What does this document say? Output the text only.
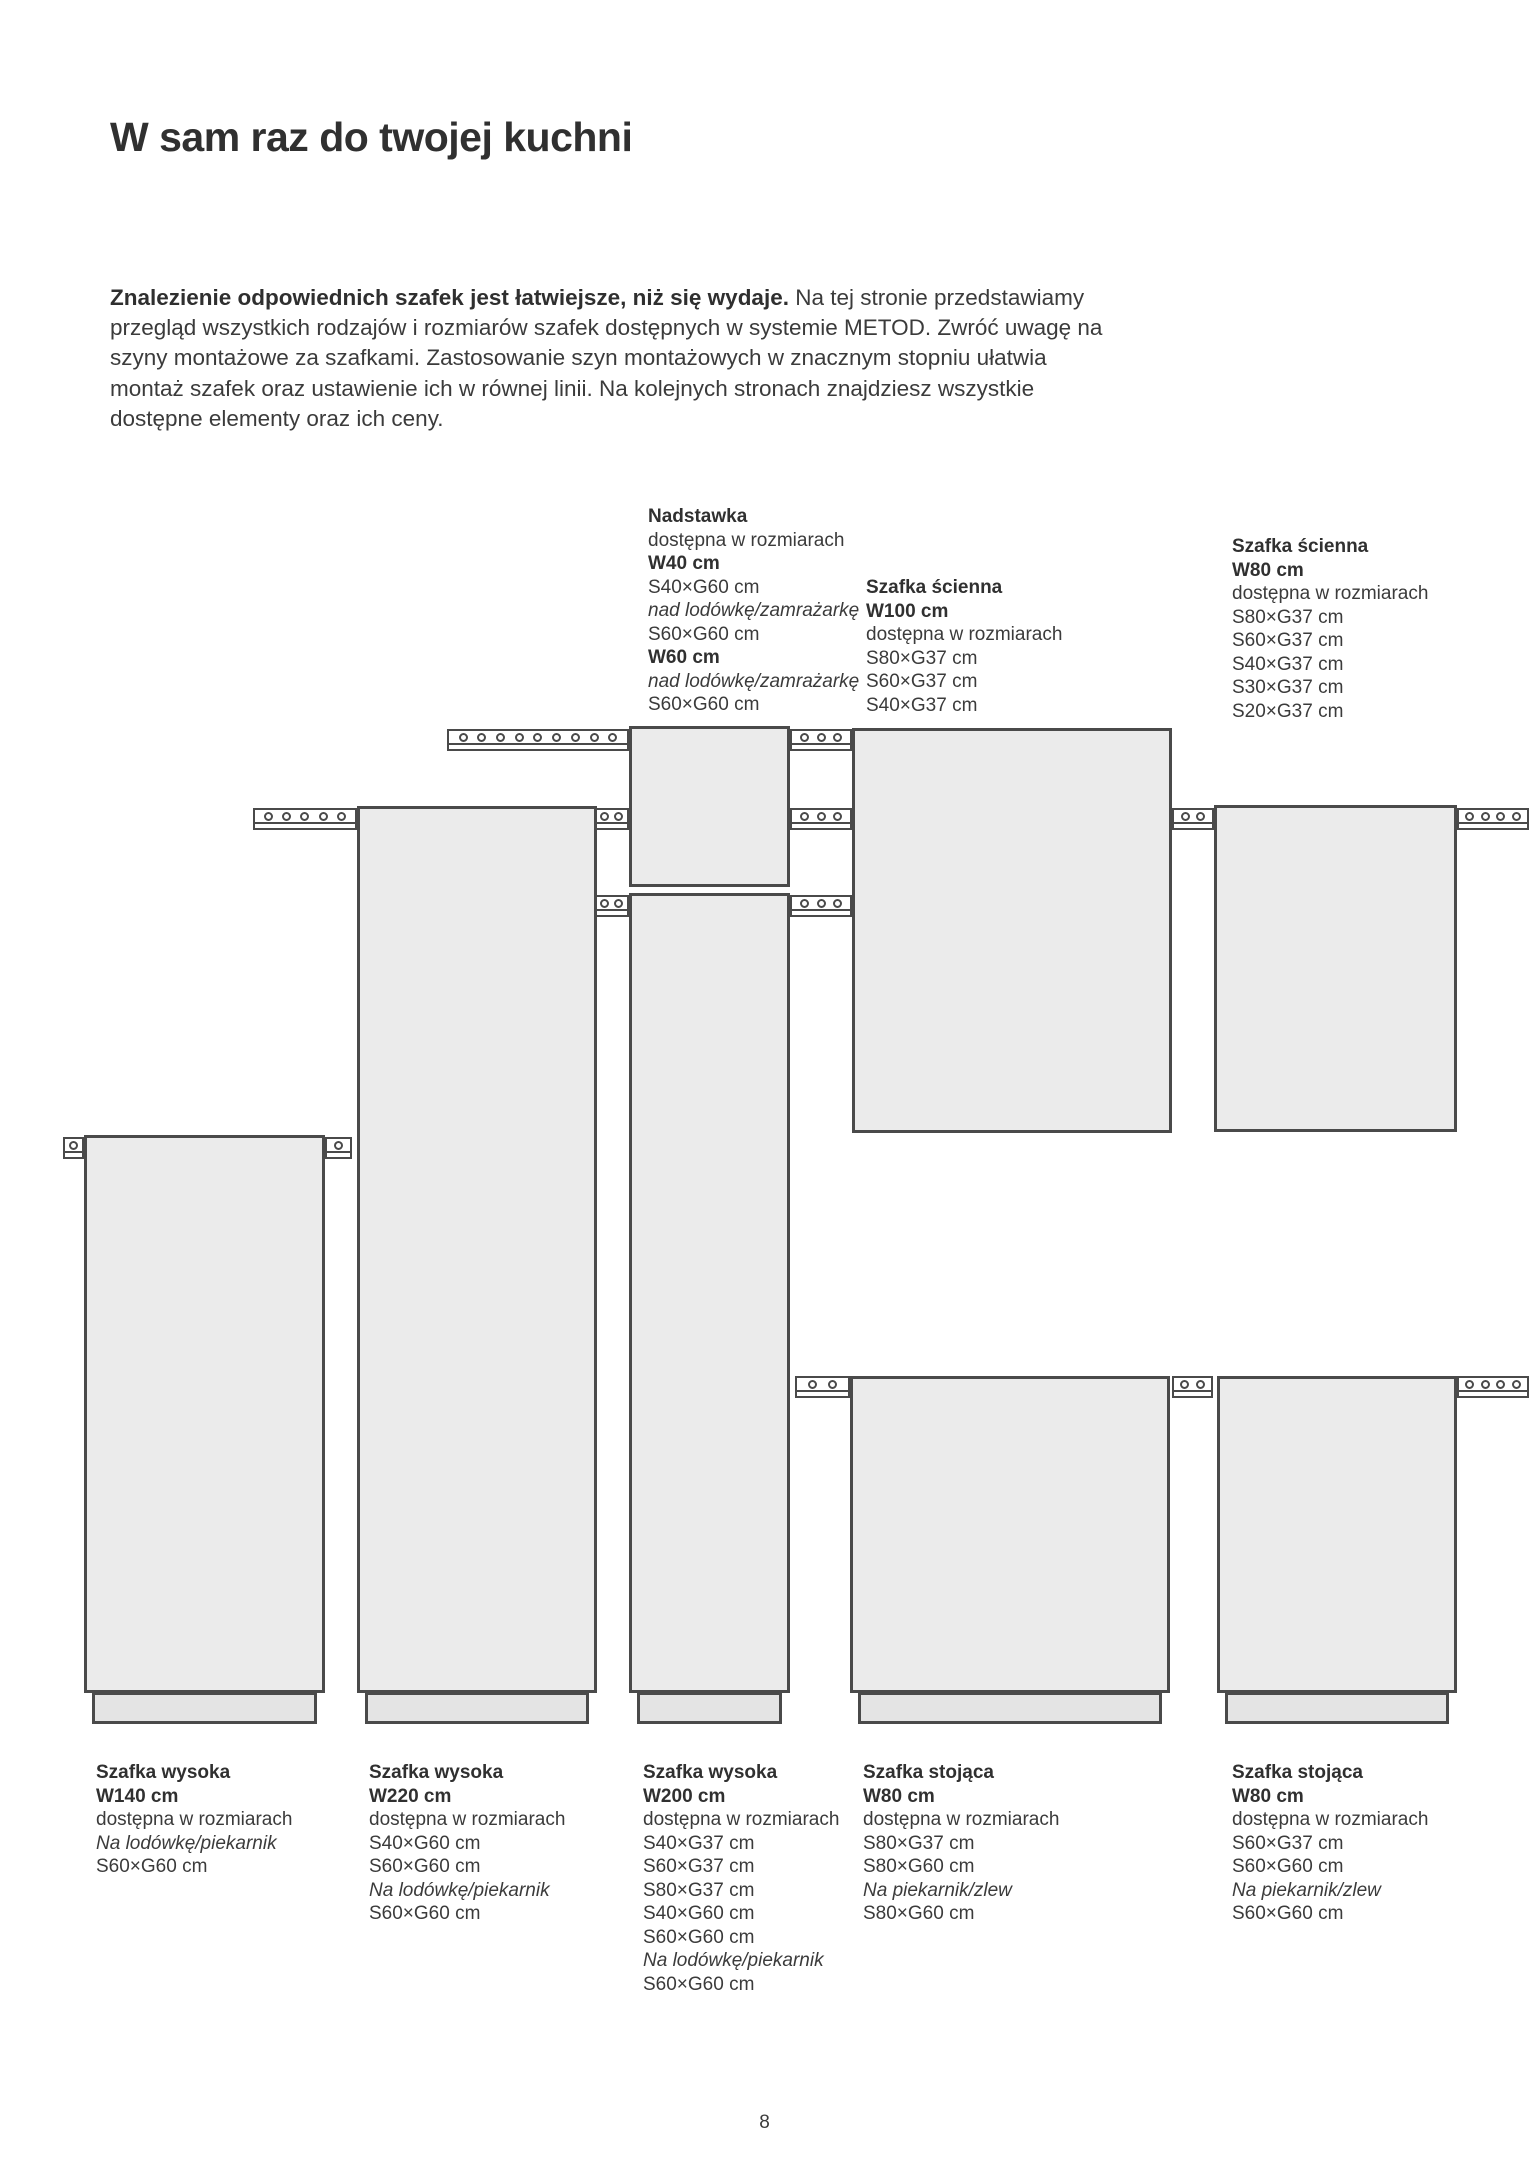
W sam raz do twojej kuchni

Znalezienie odpowiednich szafek jest łatwiejsze, niż się wydaje. Na tej stronie przedstawiamy przegląd wszystkich rodzajów i rozmiarów szafek dostępnych w systemie METOD. Zwróć uwagę na szyny montażowe za szafkami. Zastosowanie szyn montażowych w znacznym stopniu ułatwia montaż szafek oraz ustawienie ich w równej linii. Na kolejnych stronach znajdziesz wszystkie dostępne elementy oraz ich ceny.

Nadstawka
dostępna w rozmiarach
W40 cm
S40×G60 cm
nad lodówkę/zamrażarkę
S60×G60 cm
W60 cm
nad lodówkę/zamrażarkę
S60×G60 cm
Szafka ścienna
W100 cm
dostępna w rozmiarach
S80×G37 cm
S60×G37 cm
S40×G37 cm
Szafka ścienna
W80 cm
dostępna w rozmiarach
S80×G37 cm
S60×G37 cm
S40×G37 cm
S30×G37 cm
S20×G37 cm
Szafka wysoka
W140 cm
dostępna w rozmiarach
Na lodówkę/piekarnik
S60×G60 cm
Szafka wysoka
W220 cm
dostępna w rozmiarach
S40×G60 cm
S60×G60 cm
Na lodówkę/piekarnik
S60×G60 cm
Szafka wysoka
W200 cm
dostępna w rozmiarach
S40×G37 cm
S60×G37 cm
S80×G37 cm
S40×G60 cm
S60×G60 cm
Na lodówkę/piekarnik
S60×G60 cm
Szafka stojąca
W80 cm
dostępna w rozmiarach
S80×G37 cm
S80×G60 cm
Na piekarnik/zlew
S80×G60 cm
Szafka stojąca
W80 cm
dostępna w rozmiarach
S60×G37 cm
S60×G60 cm
Na piekarnik/zlew
S60×G60 cm
8
